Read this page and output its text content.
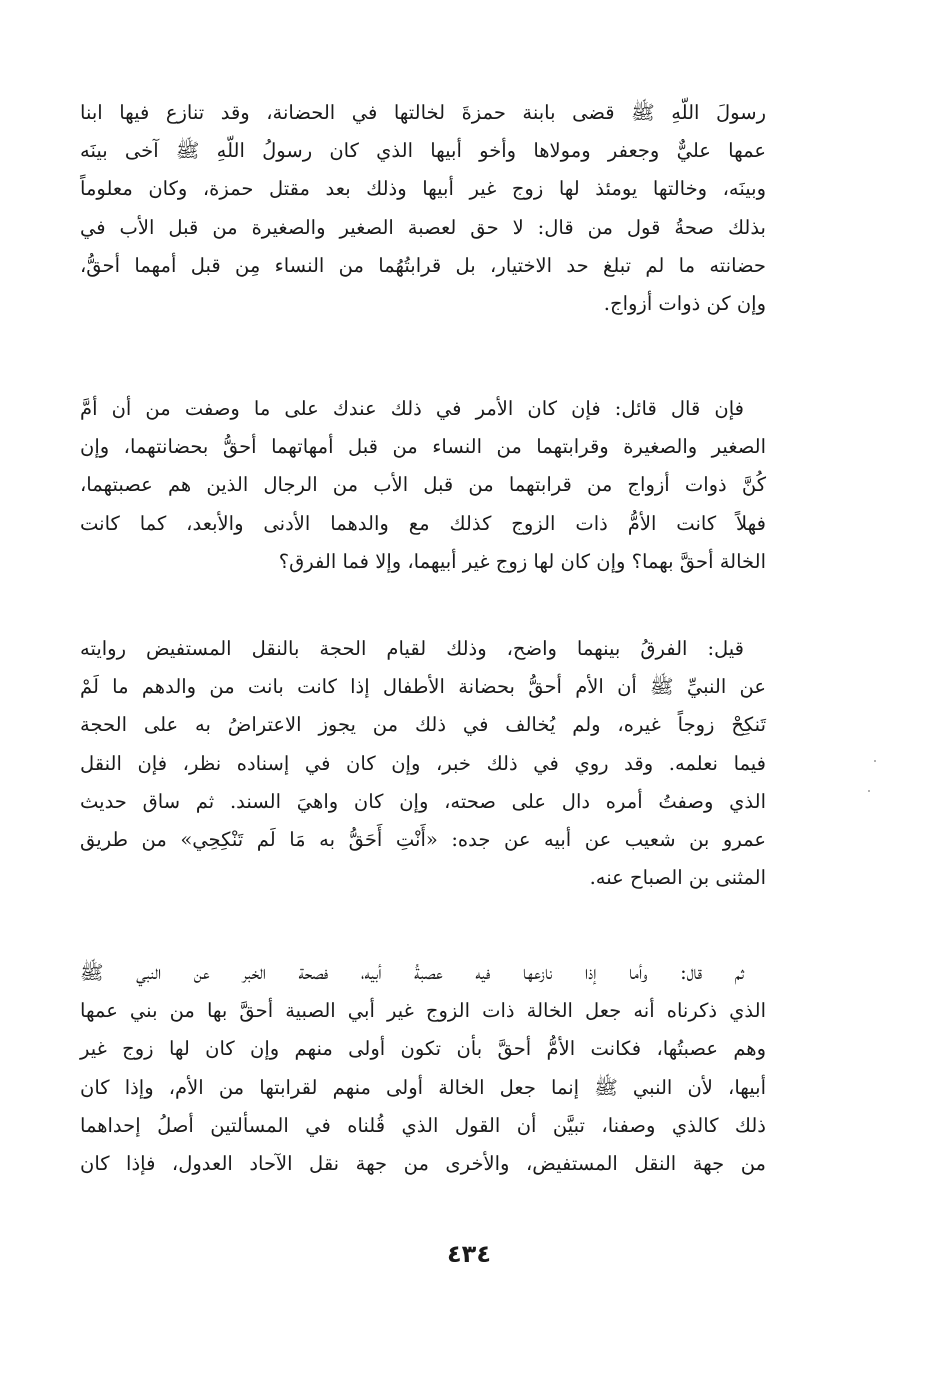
رسولَ اللّهِ ﷺ قضى بابنة حمزةَ لخالتها في الحضانة، وقد تنازع فيها ابنا
عمها عليٌّ وجعفر ومولاها وأخو أبيها الذي كان رسولُ اللّهِ ﷺ آخى بينَه
وبينَه، وخالتها يومئذ لها زوج غير أبيها وذلك بعد مقتل حمزة، وكان معلوماً
بذلك صحةُ قول من قال: لا حق لعصبة الصغير والصغيرة من قبل الأب في
حضانته ما لم تبلغ حد الاختيار، بل قرابتُهُما من النساء مِن قبل أمهما أحقُّ،
وإن كن ذوات أزواج.
فإن قال قائل: فإن كان الأمر في ذلك عندك على ما وصفت من أن أمَّ
الصغير والصغيرة وقرابتهما من النساء من قبل أمهاتهما أحقُّ بحضانتهما، وإن
كُنَّ ذوات أزواج من قرابتهما من قبل الأب من الرجال الذين هم عصبتهما،
فهلاً كانت الأمُّ ذات الزوج كذلك مع والدهما الأدنى والأبعد، كما كانت
الخالة أحقَّ بهما؟ وإن كان لها زوج غير أبيهما، وإلا فما الفرق؟
قيل: الفرقُ بينهما واضح، وذلك لقيام الحجة بالنقل المستفيض روايته
عن النبيِّ ﷺ أن الأم أحقُّ بحضانة الأطفال إذا كانت بانت من والدهم ما لَمْ
تَنكِحْ زوجاً غيره، ولم يُخالف في ذلك من يجوز الاعتراضُ به على الحجة
فيما نعلمه. وقد روي في ذلك خبر، وإن كان في إسناده نظر، فإن النقل
الذي وصفتُ أمره دال على صحته، وإن كان واهيَ السند. ثم ساق حديث
عمرو بن شعيب عن أبيه عن جده: «أَنْتِ أَحَقُّ به مَا لَم تَنْكِحِي» من طريق
المثنى بن الصباح عنه.
ثم قال: وأما إذا نازعها فيه عصبةُ أبيه، فصحة الخبر عن النبي ﷺ
الذي ذكرناه أنه جعل الخالة ذات الزوج غير أبي الصبية أحقَّ بها من بني عمها
وهم عصبتُها، فكانت الأمُّ أحقَّ بأن تكون أولى منهم وإن كان لها زوج غير
أبيها، لأن النبي ﷺ إنما جعل الخالة أولى منهم لقرابتها من الأم، وإذا كان
ذلك كالذي وصفنا، تبيَّن أن القول الذي قُلناه في المسألتين أصلُ إحداهما
من جهة النقل المستفيض، والأخرى من جهة نقل الآحاد العدول، فإذا كان
٤٣٤
